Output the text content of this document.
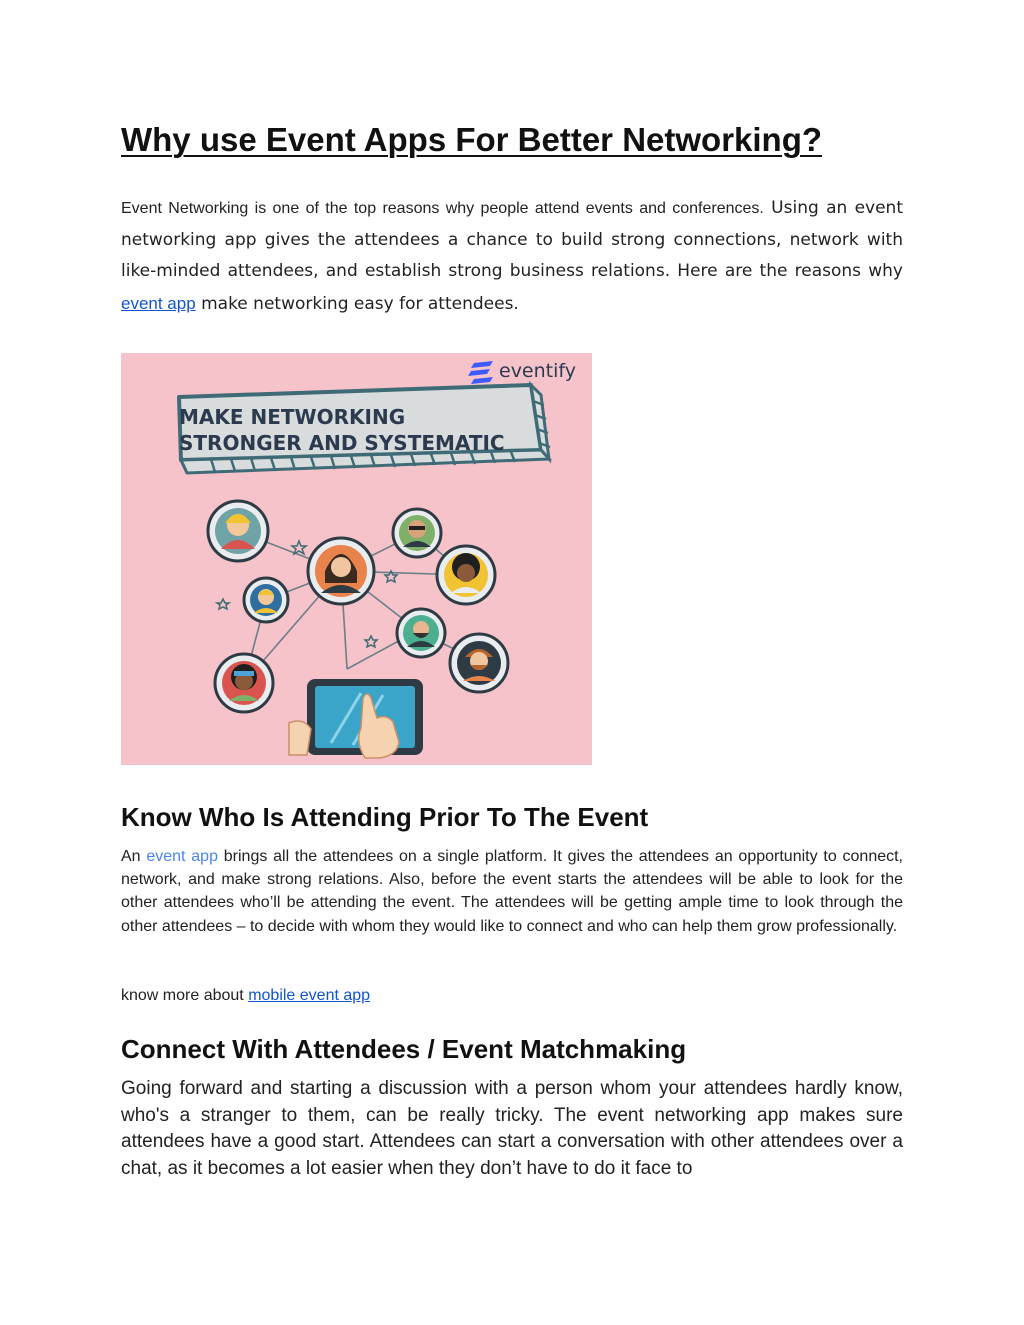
Why use Event Apps For Better Networking?

Event Networking is one of the top reasons why people attend events and conferences. Using an event networking app gives the attendees a chance to build strong connections, network with like-minded attendees, and establish strong business relations. Here are the reasons why event app make networking easy for attendees.

eventify
MAKE NETWORKING
STRONGER AND SYSTEMATIC
Know Who Is Attending Prior To The Event

An event app brings all the attendees on a single platform. It gives the attendees an opportunity to connect, network, and make strong relations. Also, before the event starts the attendees will be able to look for the other attendees who’ll be attending the event. The attendees will be getting ample time to look through the other attendees – to decide with whom they would like to connect and who can help them grow professionally.

know more about mobile event app

Connect With Attendees / Event Matchmaking

Going forward and starting a discussion with a person whom your attendees hardly know, who's a stranger to them, can be really tricky. The event networking app makes sure attendees have a good start. Attendees can start a conversation with other attendees over a chat, as it becomes a lot easier when they don’t have to do it face to
